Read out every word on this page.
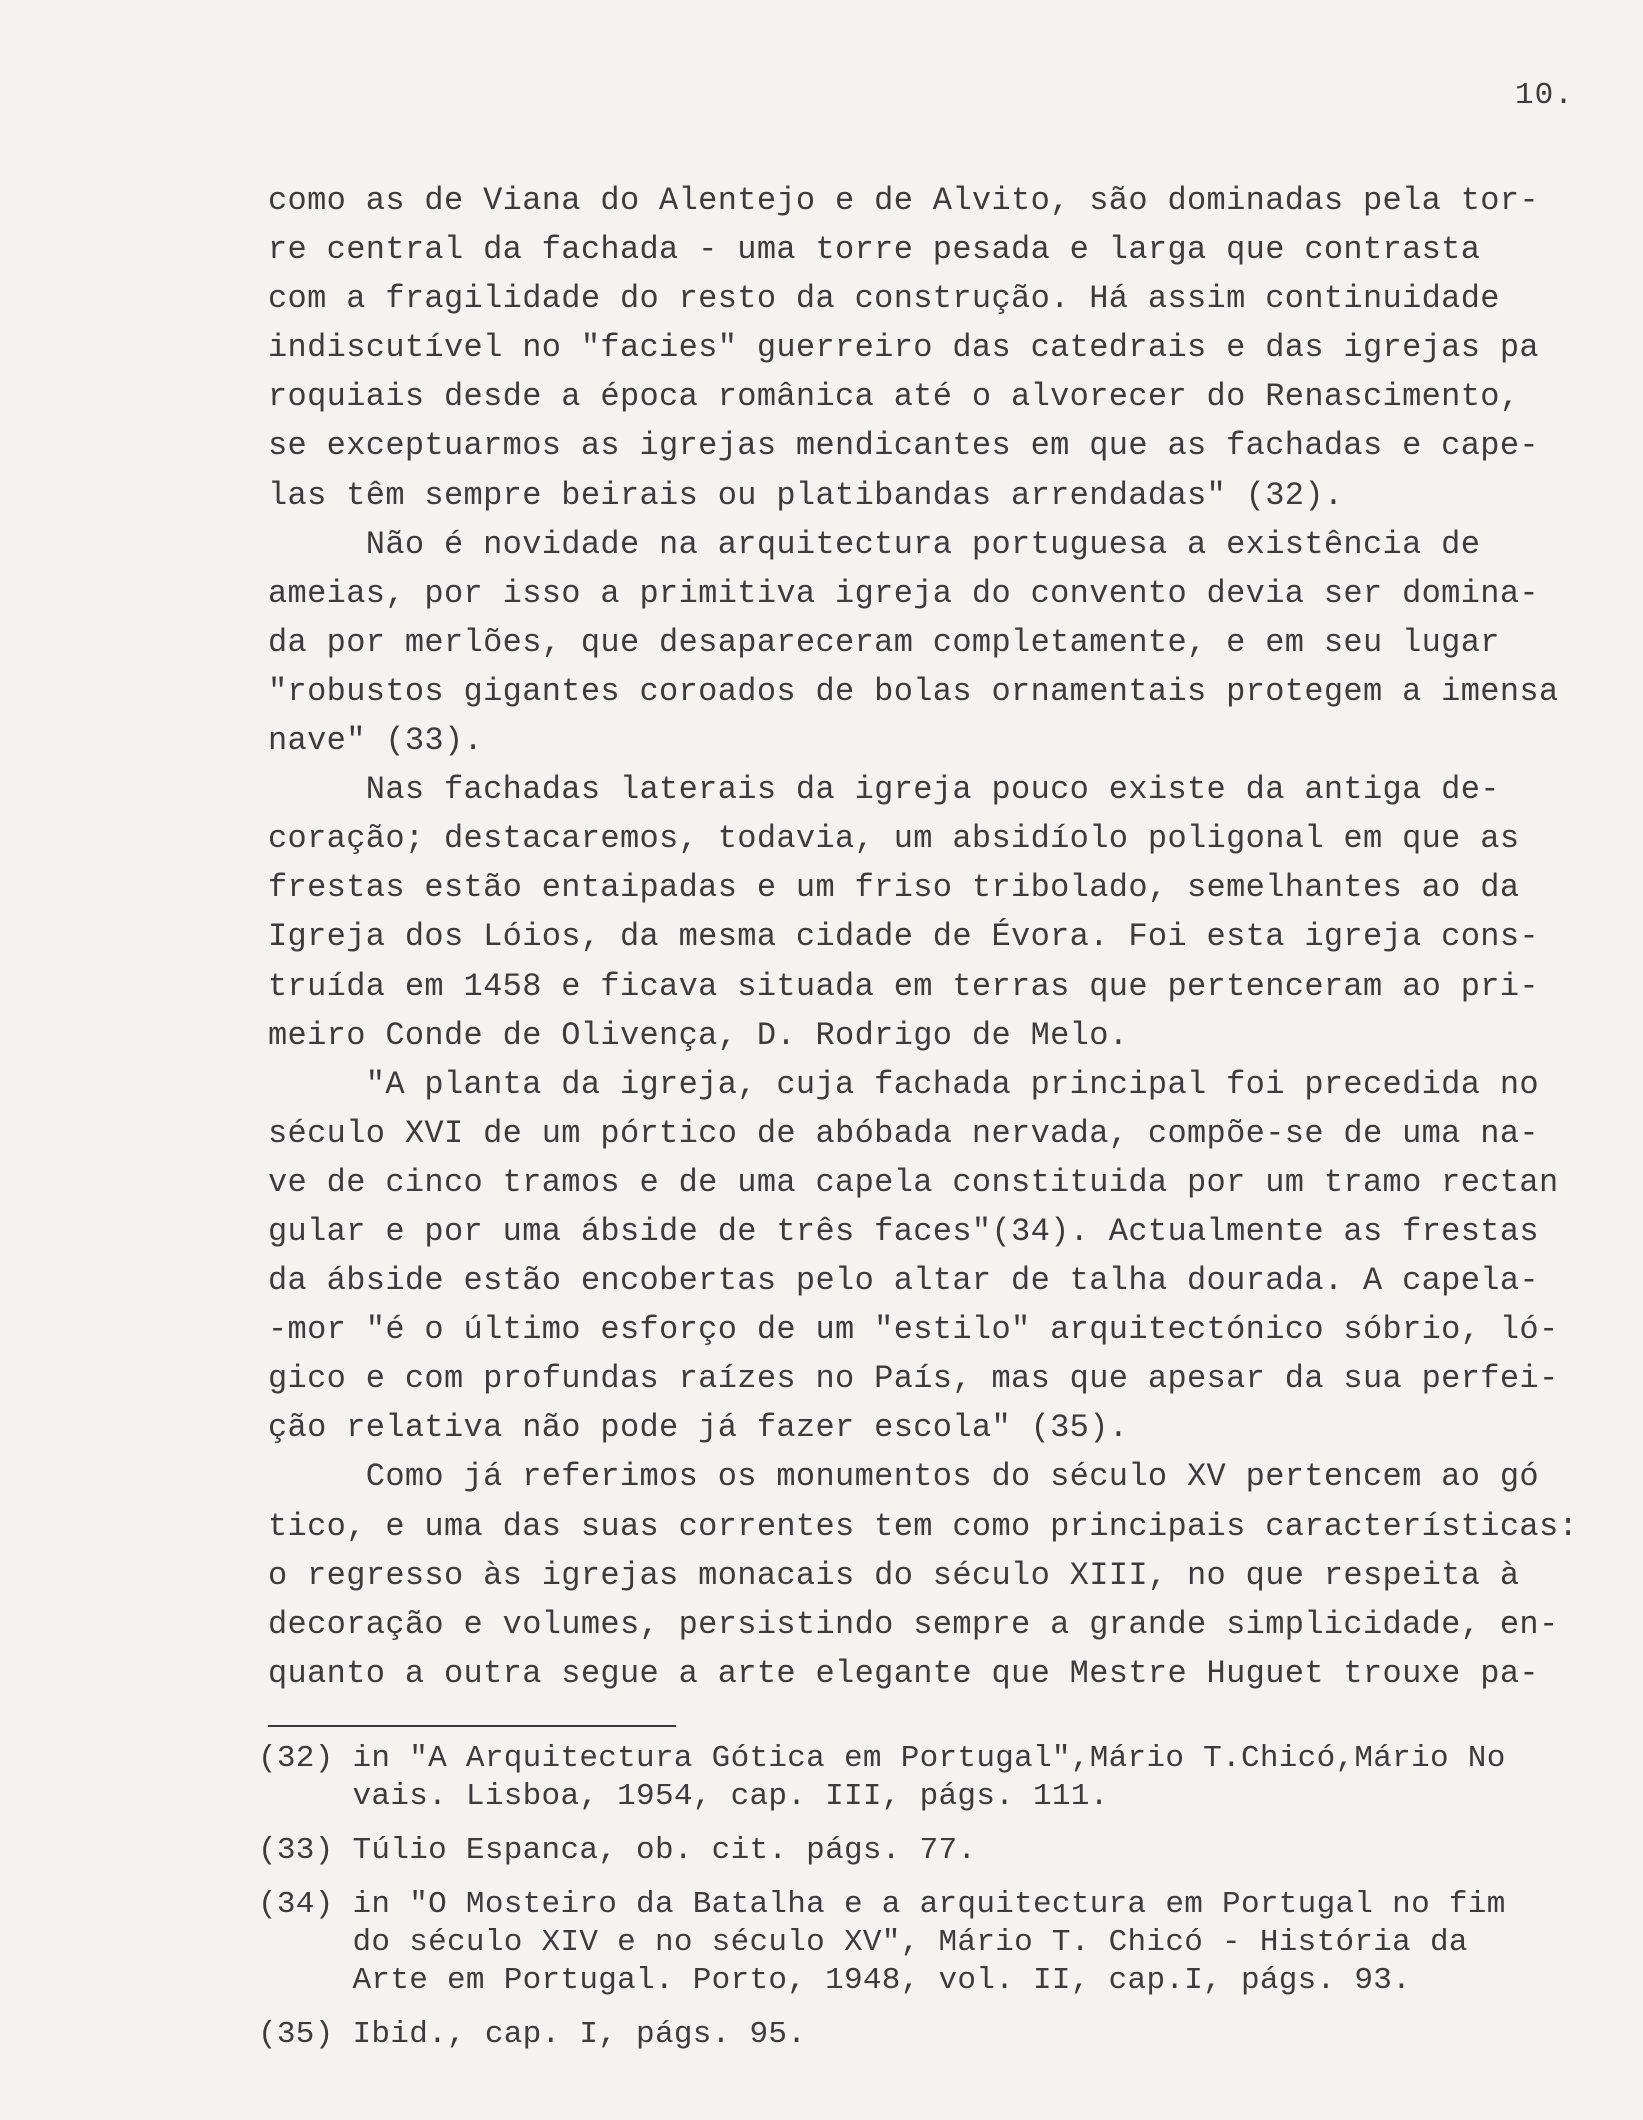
10.
como as de Viana do Alentejo e de Alvito, são dominadas pela tor-
re central da fachada - uma torre pesada e larga que contrasta
com a fragilidade do resto da construção. Há assim continuidade
indiscutível no "facies" guerreiro das catedrais e das igrejas pa
roquiais desde a época românica até o alvorecer do Renascimento,
se exceptuarmos as igrejas mendicantes em que as fachadas e cape-
las têm sempre beirais ou platibandas arrendadas" (32).
Não é novidade na arquitectura portuguesa a existência de
ameias, por isso a primitiva igreja do convento devia ser domina-
da por merlões, que desapareceram completamente, e em seu lugar
"robustos gigantes coroados de bolas ornamentais protegem a imensa
nave" (33).
Nas fachadas laterais da igreja pouco existe da antiga de-
coração; destacaremos, todavia, um absidíolo poligonal em que as
frestas estão entaipadas e um friso tribolado, semelhantes ao da
Igreja dos Lóios, da mesma cidade de Évora. Foi esta igreja cons-
truída em 1458 e ficava situada em terras que pertenceram ao pri-
meiro Conde de Olivença, D. Rodrigo de Melo.
"A planta da igreja, cuja fachada principal foi precedida no
século XVI de um pórtico de abóbada nervada, compõe-se de uma na-
ve de cinco tramos e de uma capela constituida por um tramo rectan
gular e por uma ábside de três faces"(34). Actualmente as frestas
da ábside estão encobertas pelo altar de talha dourada. A capela-
-mor "é o último esforço de um "estilo" arquitectónico sóbrio, ló-
gico e com profundas raízes no País, mas que apesar da sua perfei-
ção relativa não pode já fazer escola" (35).
Como já referimos os monumentos do século XV pertencem ao gó
tico, e uma das suas correntes tem como principais características:
o regresso às igrejas monacais do século XIII, no que respeita à
decoração e volumes, persistindo sempre a grande simplicidade, en-
quanto a outra segue a arte elegante que Mestre Huguet trouxe pa-
(32) in "A Arquitectura Gótica em Portugal",Mário T.Chicó,Mário No
vais. Lisboa, 1954, cap. III, págs. 111.
(33) Túlio Espanca, ob. cit. págs. 77.
(34) in "O Mosteiro da Batalha e a arquitectura em Portugal no fim
do século XIV e no século XV", Mário T. Chicó - História da
Arte em Portugal. Porto, 1948, vol. II, cap.I, págs. 93.
(35) Ibid., cap. I, págs. 95.
